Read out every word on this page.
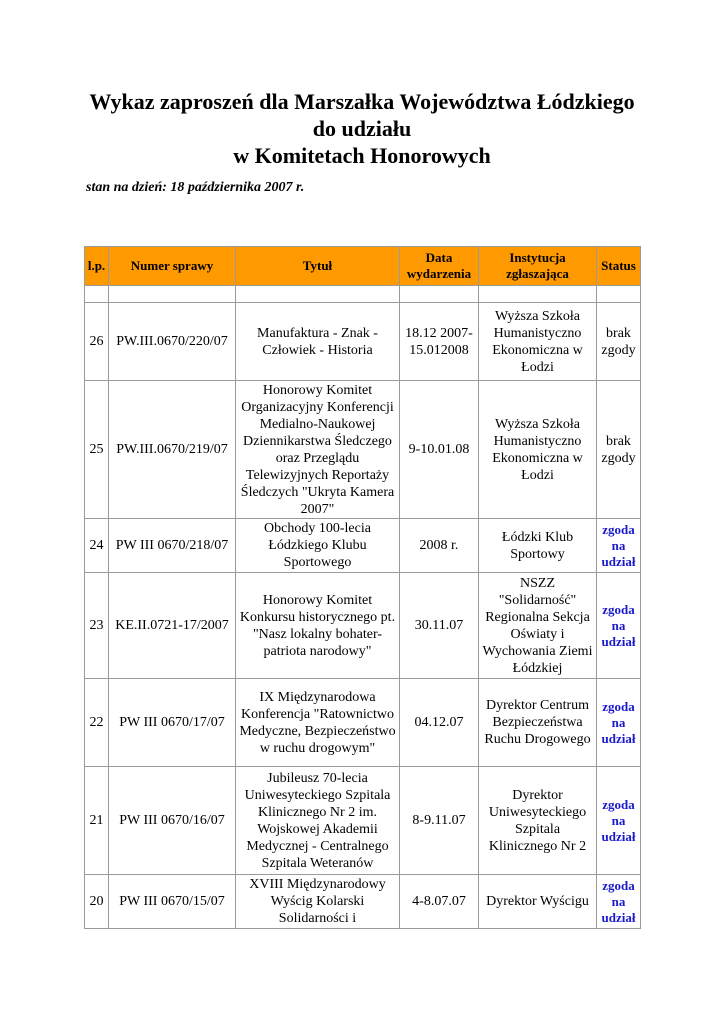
Wykaz zaproszeń dla Marszałka Województwa Łódzkiego
do udziału
w Komitetach Honorowych
stan na dzień: 18 października 2007 r.
l.p.	Numer sprawy	Tytuł	Data wydarzenia	Instytucja zgłaszająca	Status

26	PW.III.0670/220/07	Manufaktura - Znak - Człowiek - Historia	18.12 2007-15.012008	Wyższa Szkoła Humanistyczno Ekonomiczna w Łodzi	brak zgody
25	PW.III.0670/219/07	Honorowy Komitet Organizacyjny Konferencji Medialno-Naukowej Dziennikarstwa Śledczego oraz Przeglądu Telewizyjnych Reportaży Śledczych "Ukryta Kamera 2007"	9-10.01.08	Wyższa Szkoła Humanistyczno Ekonomiczna w Łodzi	brak zgody
24	PW III 0670/218/07	Obchody 100-lecia Łódzkiego Klubu Sportowego	2008 r.	Łódzki Klub Sportowy	zgoda na udział
23	KE.II.0721-17/2007	Honorowy Komitet Konkursu historycznego pt. "Nasz lokalny bohater-patriota narodowy"	30.11.07	NSZZ "Solidarność" Regionalna Sekcja Oświaty i Wychowania Ziemi Łódzkiej	zgoda na udział
22	PW III 0670/17/07	IX Międzynarodowa Konferencja "Ratownictwo Medyczne, Bezpieczeństwo w ruchu drogowym"	04.12.07	Dyrektor Centrum Bezpieczeństwa Ruchu Drogowego	zgoda na udział
21	PW III 0670/16/07	Jubileusz 70-lecia Uniwesyteckiego Szpitala Klinicznego Nr 2 im. Wojskowej Akademii Medycznej - Centralnego Szpitala Weteranów	8-9.11.07	Dyrektor Uniwesyteckiego Szpitala Klinicznego Nr 2	zgoda na udział
20	PW III 0670/15/07	XVIII Międzynarodowy Wyścig Kolarski Solidarności i	4-8.07.07	Dyrektor Wyścigu	zgoda na udział
